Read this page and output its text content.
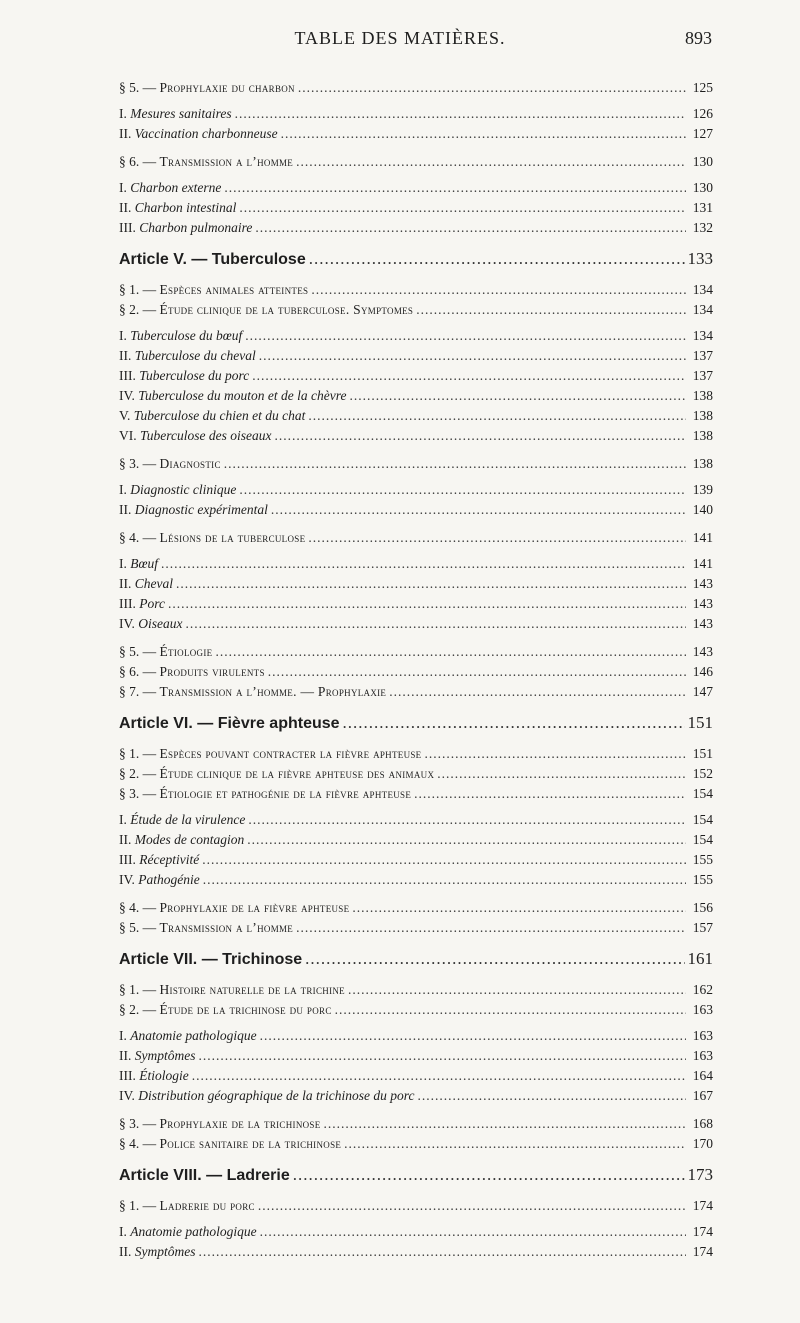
TABLE DES MATIÈRES.	893
§ 5. — Prophylaxie du charbon .....	125
I. Mesures sanitaires .....	126
II. Vaccination charbonneuse .....	127
§ 6. — Transmission a l’homme .....	130
I. Charbon externe .....	130
II. Charbon intestinal .....	131
III. Charbon pulmonaire .....	132
Article V. — Tuberculose .....	133
§ 1. — Espèces animales atteintes .....	134
§ 2. — Étude clinique de la tuberculose. Symptomes .....	134
I. Tuberculose du bœuf .....	134
II. Tuberculose du cheval .....	137
III. Tuberculose du porc .....	137
IV. Tuberculose du mouton et de la chèvre .....	138
V. Tuberculose du chien et du chat .....	138
VI. Tuberculose des oiseaux .....	138
§ 3. — Diagnostic .....	138
I. Diagnostic clinique .....	139
II. Diagnostic expérimental .....	140
§ 4. — Lésions de la tuberculose .....	141
I. Bœuf .....	141
II. Cheval .....	143
III. Porc .....	143
IV. Oiseaux .....	143
§ 5. — Étiologie .....	143
§ 6. — Produits virulents .....	146
§ 7. — Transmission a l’homme. — Prophylaxie .....	147
Article VI. — Fièvre aphteuse .....	151
§ 1. — Espèces pouvant contracter la fièvre aphteuse .....	151
§ 2. — Étude clinique de la fièvre aphteuse des animaux .....	152
§ 3. — Étiologie et pathogénie de la fièvre aphteuse .....	154
I. Étude de la virulence .....	154
II. Modes de contagion .....	154
III. Réceptivité .....	155
IV. Pathogénie .....	155
§ 4. — Prophylaxie de la fièvre aphteuse .....	156
§ 5. — Transmission a l’homme .....	157
Article VII. — Trichinose .....	161
§ 1. — Histoire naturelle de la trichine .....	162
§ 2. — Étude de la trichinose du porc .....	163
I. Anatomie pathologique .....	163
II. Symptômes .....	163
III. Étiologie .....	164
IV. Distribution géographique de la trichinose du porc .....	167
§ 3. — Prophylaxie de la trichinose .....	168
§ 4. — Police sanitaire de la trichinose .....	170
Article VIII. — Ladrerie .....	173
§ 1. — Ladrerie du porc .....	174
I. Anatomie pathologique .....	174
II. Symptômes .....	174
